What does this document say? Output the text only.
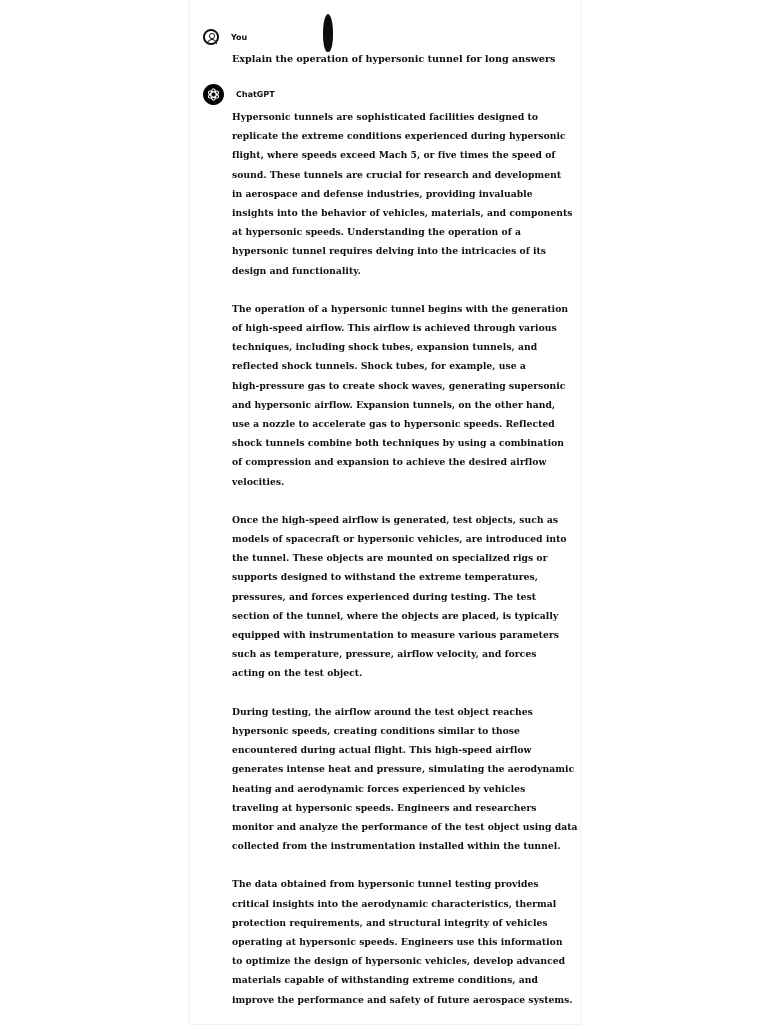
You
Explain the operation of hypersonic tunnel for long answers
ChatGPT
Hypersonic tunnels are sophisticated facilities designed to
replicate the extreme conditions experienced during hypersonic
flight, where speeds exceed Mach 5, or five times the speed of
sound. These tunnels are crucial for research and development
in aerospace and defense industries, providing invaluable
insights into the behavior of vehicles, materials, and components
at hypersonic speeds. Understanding the operation of a
hypersonic tunnel requires delving into the intricacies of its
design and functionality.
The operation of a hypersonic tunnel begins with the generation
of high-speed airflow. This airflow is achieved through various
techniques, including shock tubes, expansion tunnels, and
reflected shock tunnels. Shock tubes, for example, use a
high-pressure gas to create shock waves, generating supersonic
and hypersonic airflow. Expansion tunnels, on the other hand,
use a nozzle to accelerate gas to hypersonic speeds. Reflected
shock tunnels combine both techniques by using a combination
of compression and expansion to achieve the desired airflow
velocities.
Once the high-speed airflow is generated, test objects, such as
models of spacecraft or hypersonic vehicles, are introduced into
the tunnel. These objects are mounted on specialized rigs or
supports designed to withstand the extreme temperatures,
pressures, and forces experienced during testing. The test
section of the tunnel, where the objects are placed, is typically
equipped with instrumentation to measure various parameters
such as temperature, pressure, airflow velocity, and forces
acting on the test object.
During testing, the airflow around the test object reaches
hypersonic speeds, creating conditions similar to those
encountered during actual flight. This high-speed airflow
generates intense heat and pressure, simulating the aerodynamic
heating and aerodynamic forces experienced by vehicles
traveling at hypersonic speeds. Engineers and researchers
monitor and analyze the performance of the test object using data
collected from the instrumentation installed within the tunnel.
The data obtained from hypersonic tunnel testing provides
critical insights into the aerodynamic characteristics, thermal
protection requirements, and structural integrity of vehicles
operating at hypersonic speeds. Engineers use this information
to optimize the design of hypersonic vehicles, develop advanced
materials capable of withstanding extreme conditions, and
improve the performance and safety of future aerospace systems.
